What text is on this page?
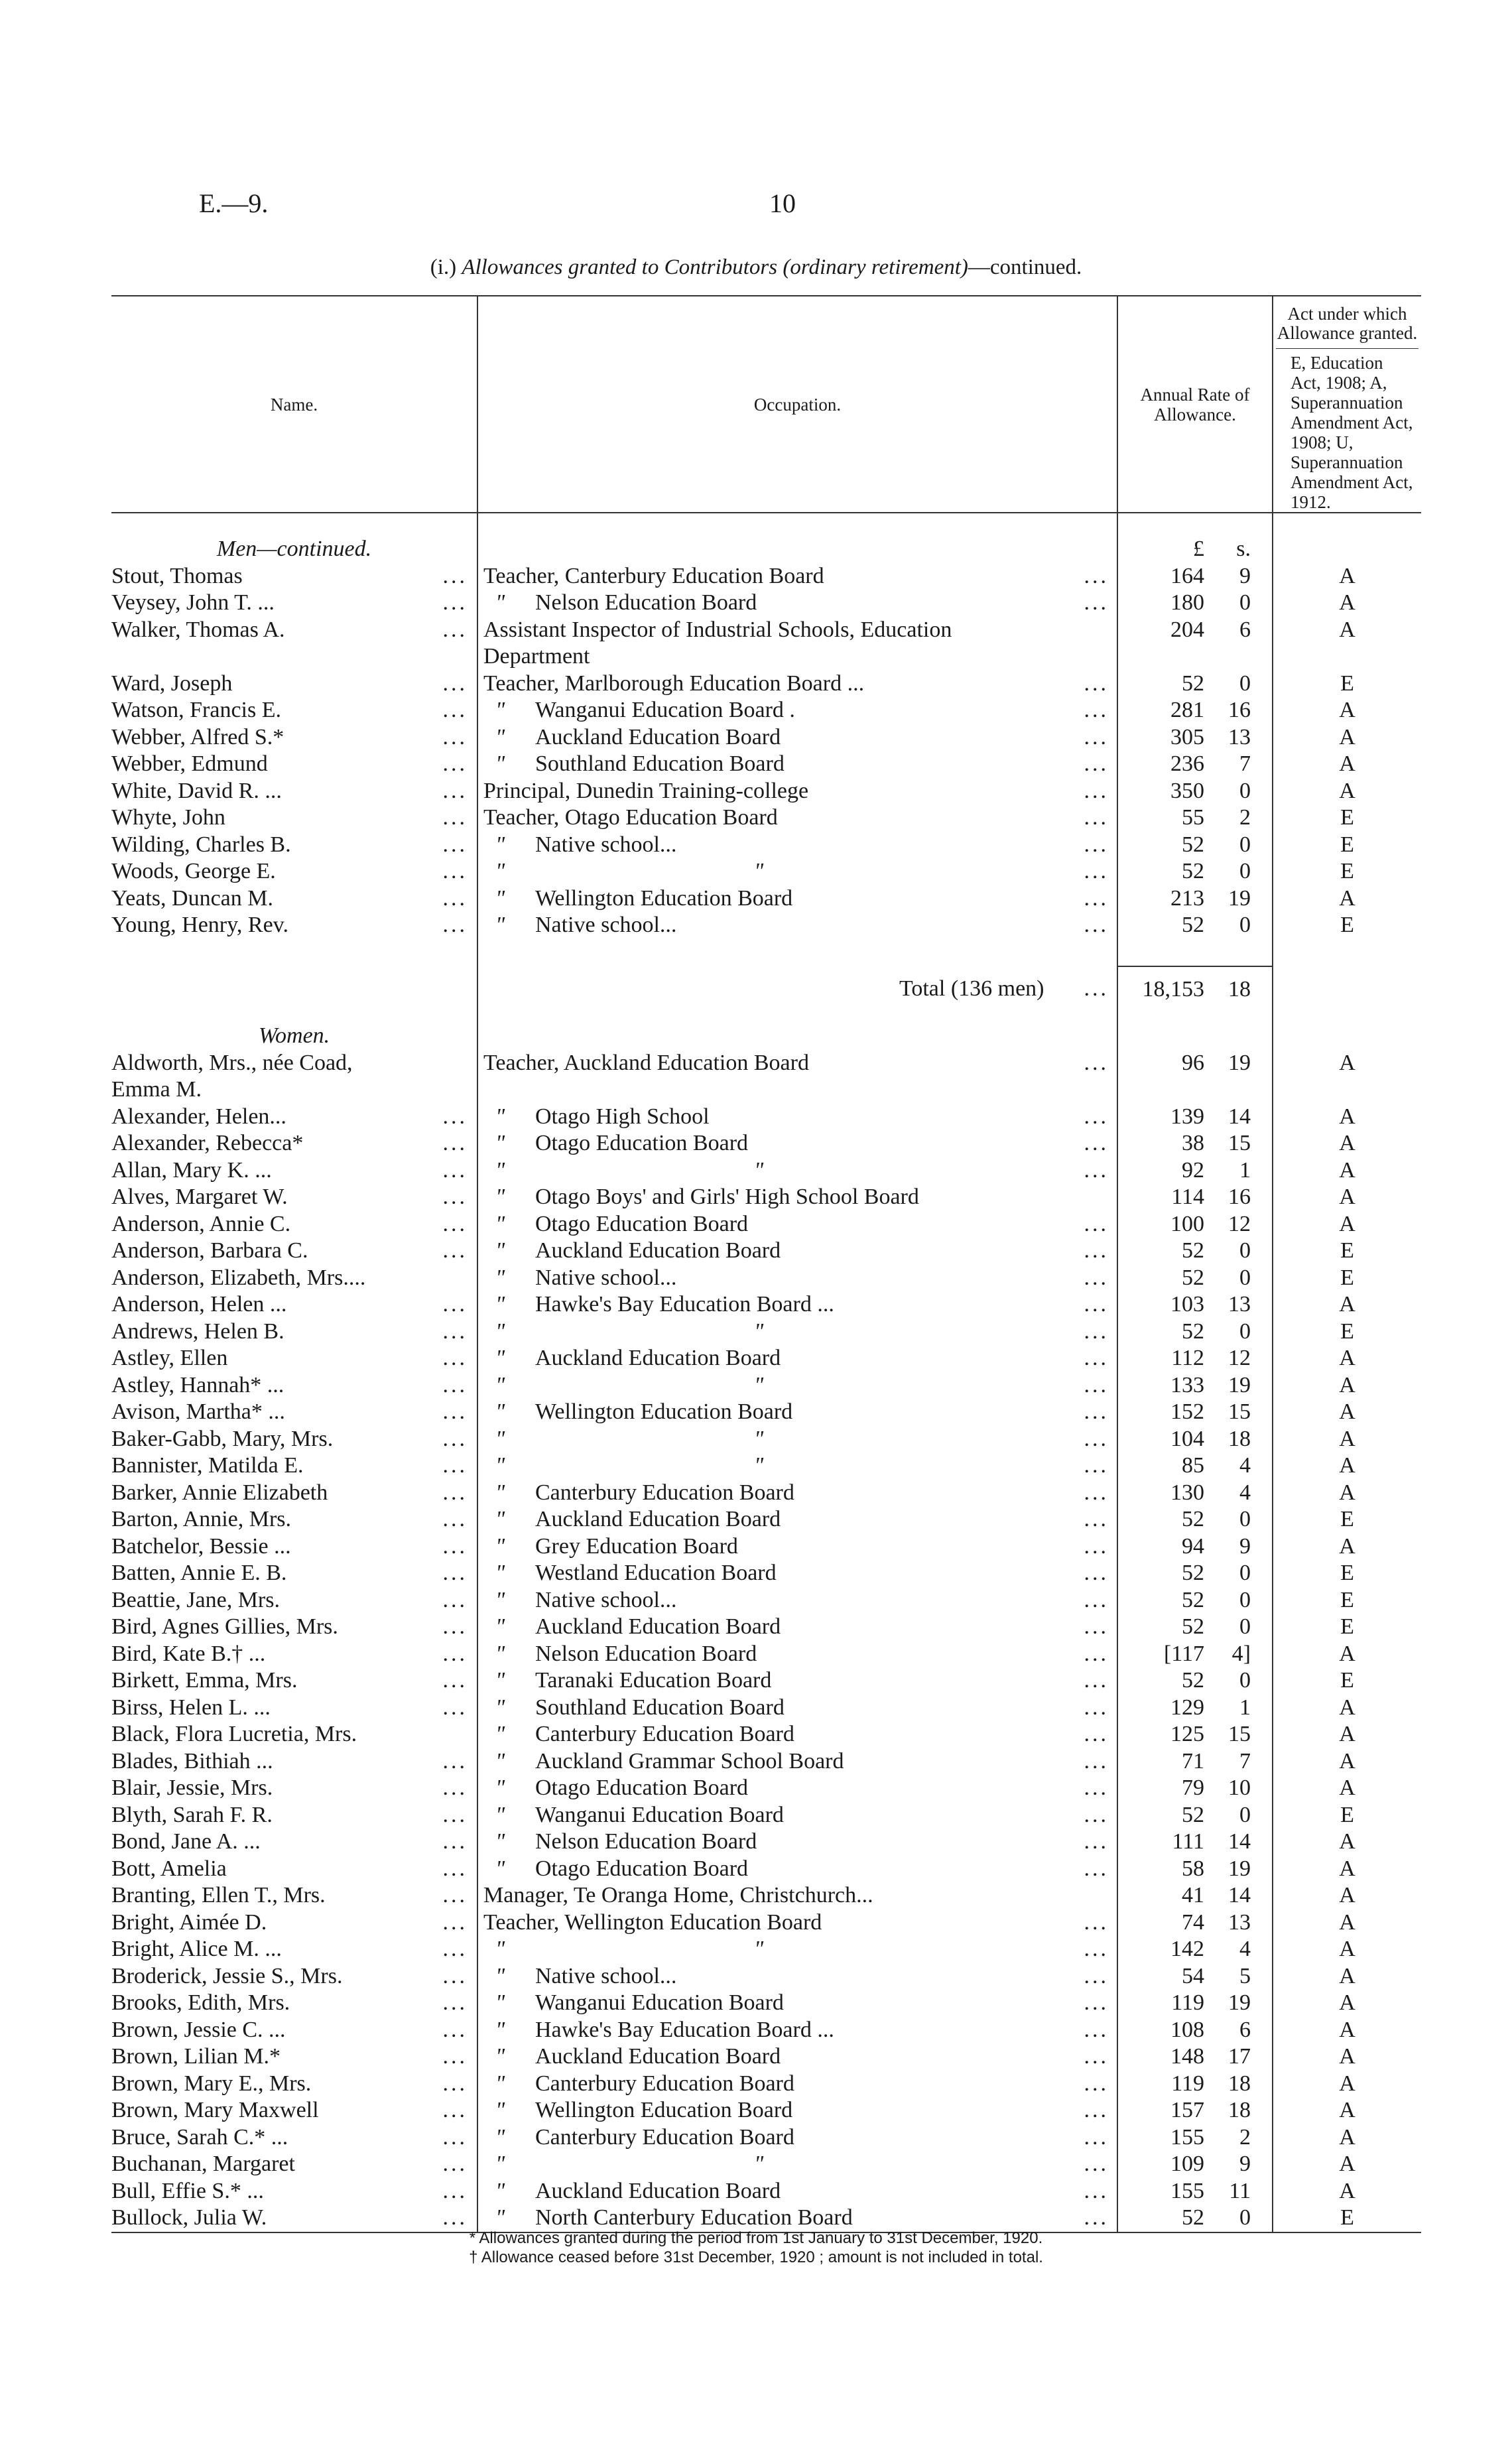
E.—9.	10
(i.) Allowances granted to Contributors (ordinary retirement)—continued.
Name.	Occupation.	Annual Rate of Allowance.	Act under which Allowance granted.
E, Education Act, 1908; A, Superannuation Amendment Act, 1908; U, Superannuation Amendment Act, 1912.

Men—continued.		£ s.	
Stout, Thomas ...	Teacher, Canterbury Education Board ...	164 9	A
Veysey, John T. ... ...	" Nelson Education Board ...	180 0	A
Walker, Thomas A. ...	Assistant Inspector of Industrial Schools, Education	204 6	A
	Department		
Ward, Joseph ...	Teacher, Marlborough Education Board ... ...	52 0	E
Watson, Francis E. ...	" Wanganui Education Board . ...	281 16	A
Webber, Alfred S.* ...	" Auckland Education Board ...	305 13	A
Webber, Edmund ...	" Southland Education Board ...	236 7	A
White, David R. ... ...	Principal, Dunedin Training-college ...	350 0	A
Whyte, John ...	Teacher, Otago Education Board ...	55 2	E
Wilding, Charles B. ...	" Native school... ...	52 0	E
Woods, George E. ...	" " ...	52 0	E
Yeats, Duncan M. ...	" Wellington Education Board ...	213 19	A
Young, Henry, Rev. ...	" Native school... ...	52 0	E

	Total (136 men) ...	18,153 18	
Women.			
Aldworth, Mrs., née Coad,	Teacher, Auckland Education Board ...	96 19	A
Emma M.			
Alexander, Helen... ...	" Otago High School ...	139 14	A
Alexander, Rebecca* ...	" Otago Education Board ...	38 15	A
Allan, Mary K. ... ...	" " ...	92 1	A
Alves, Margaret W. ...	" Otago Boys' and Girls' High School Board	114 16	A
Anderson, Annie C. ...	" Otago Education Board ...	100 12	A
Anderson, Barbara C. ...	" Auckland Education Board ...	52 0	E
Anderson, Elizabeth, Mrs....	" Native school... ...	52 0	E
Anderson, Helen ... ...	" Hawke's Bay Education Board ... ...	103 13	A
Andrews, Helen B. ...	" " ...	52 0	E
Astley, Ellen ...	" Auckland Education Board ...	112 12	A
Astley, Hannah* ... ...	" " ...	133 19	A
Avison, Martha* ... ...	" Wellington Education Board ...	152 15	A
Baker-Gabb, Mary, Mrs. ...	" " ...	104 18	A
Bannister, Matilda E. ...	" " ...	85 4	A
Barker, Annie Elizabeth ...	" Canterbury Education Board ...	130 4	A
Barton, Annie, Mrs. ...	" Auckland Education Board ...	52 0	E
Batchelor, Bessie ... ...	" Grey Education Board ...	94 9	A
Batten, Annie E. B. ...	" Westland Education Board ...	52 0	E
Beattie, Jane, Mrs. ...	" Native school... ...	52 0	E
Bird, Agnes Gillies, Mrs. ...	" Auckland Education Board ...	52 0	E
Bird, Kate B.† ... ...	" Nelson Education Board ...	[117 4]	A
Birkett, Emma, Mrs. ...	" Taranaki Education Board ...	52 0	E
Birss, Helen L. ... ...	" Southland Education Board ...	129 1	A
Black, Flora Lucretia, Mrs.	" Canterbury Education Board ...	125 15	A
Blades, Bithiah ... ...	" Auckland Grammar School Board ...	71 7	A
Blair, Jessie, Mrs. ...	" Otago Education Board ...	79 10	A
Blyth, Sarah F. R. ...	" Wanganui Education Board ...	52 0	E
Bond, Jane A. ... ...	" Nelson Education Board ...	111 14	A
Bott, Amelia ...	" Otago Education Board ...	58 19	A
Branting, Ellen T., Mrs. ...	Manager, Te Oranga Home, Christchurch...	41 14	A
Bright, Aimée D. ...	Teacher, Wellington Education Board ...	74 13	A
Bright, Alice M. ... ...	" " ...	142 4	A
Broderick, Jessie S., Mrs. ...	" Native school... ...	54 5	A
Brooks, Edith, Mrs. ...	" Wanganui Education Board ...	119 19	A
Brown, Jessie C. ... ...	" Hawke's Bay Education Board ... ...	108 6	A
Brown, Lilian M.* ...	" Auckland Education Board ...	148 17	A
Brown, Mary E., Mrs. ...	" Canterbury Education Board ...	119 18	A
Brown, Mary Maxwell ...	" Wellington Education Board ...	157 18	A
Bruce, Sarah C.* ... ...	" Canterbury Education Board ...	155 2	A
Buchanan, Margaret ...	" " ...	109 9	A
Bull, Effie S.* ... ...	" Auckland Education Board ...	155 11	A
Bullock, Julia W. ...	" North Canterbury Education Board ...	52 0	E
* Allowances granted during the period from 1st January to 31st December, 1920.
† Allowance ceased before 31st December, 1920 ; amount is not included in total.
